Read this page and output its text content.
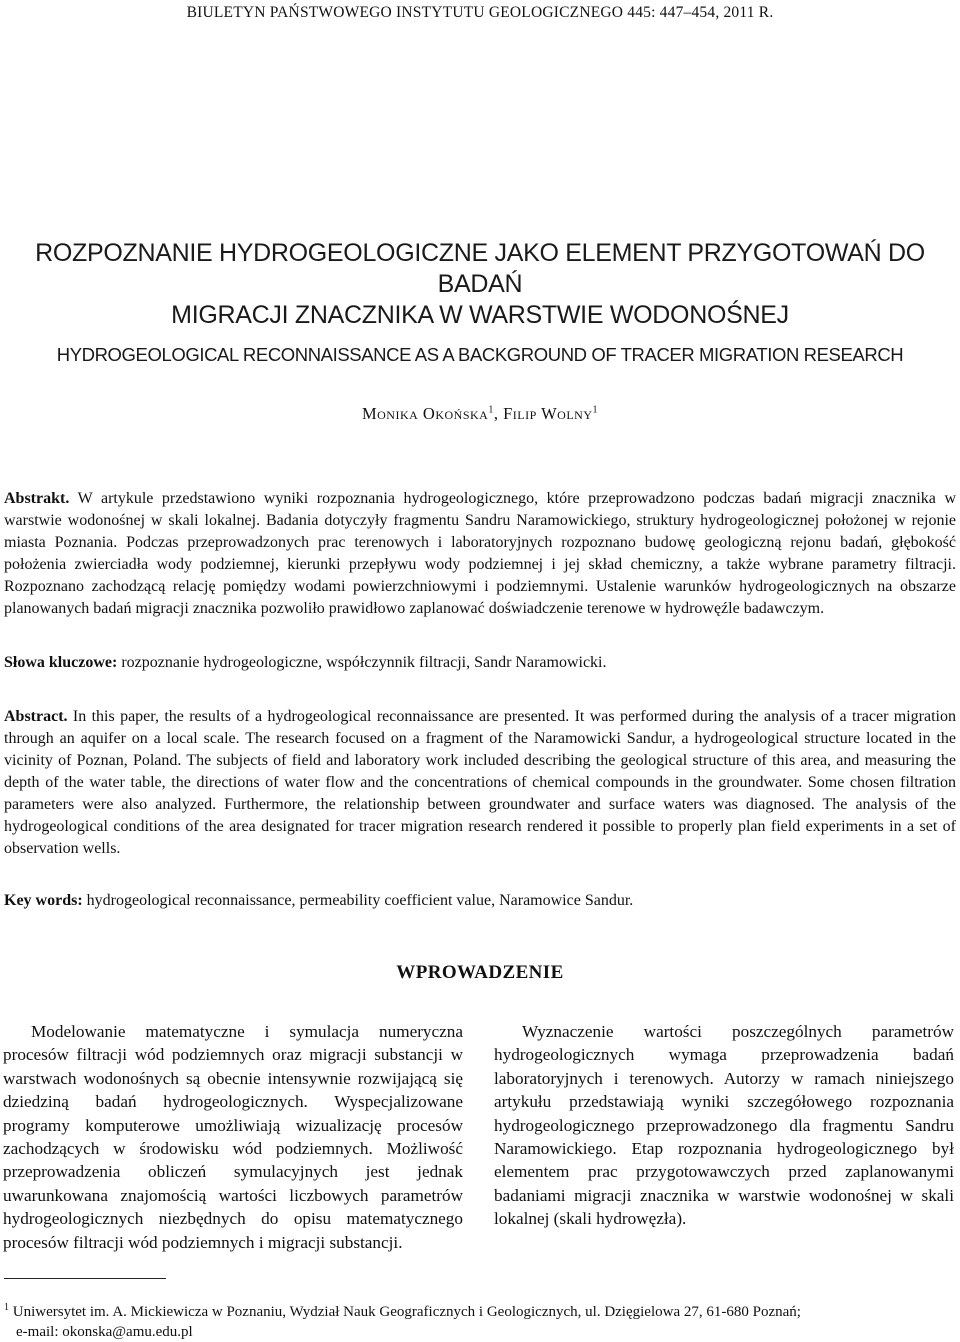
BIULETYN PAŃSTWOWEGO INSTYTUTU GEOLOGICZNEGO 445: 447–454, 2011 R.
ROZPOZNANIE HYDROGEOLOGICZNE JAKO ELEMENT PRZYGOTOWAŃ DO BADAŃ
MIGRACJI ZNACZNIKA W WARSTWIE WODONOŚNEJ
HYDROGEOLOGICAL RECONNAISSANCE AS A BACKGROUND OF TRACER MIGRATION RESEARCH
Monika Okońska$^1$, Filip Wolny$^1$
Abstrakt. W artykule przedstawiono wyniki rozpoznania hydrogeologicznego, które przeprowadzono podczas badań migracji znacznika w warstwie wodonośnej w skali lokalnej. Badania dotyczyły fragmentu Sandru Naramowickiego, struktury hydrogeologicznej położonej w rejonie miasta Poznania. Podczas przeprowadzonych prac terenowych i laboratoryjnych rozpoznano budowę geologiczną rejonu badań, głębokość położenia zwierciadła wody podziemnej, kierunki przepływu wody podziemnej i jej skład chemiczny, a także wybrane parametry filtracji. Rozpoznano zachodzącą relację pomiędzy wodami powierzchniowymi i podziemnymi. Ustalenie warunków hydrogeologicznych na obszarze planowanych badań migracji znacznika pozwoliło prawidłowo zaplanować doświadczenie terenowe w hydrowęźle badawczym.
Słowa kluczowe: rozpoznanie hydrogeologiczne, współczynnik filtracji, Sandr Naramowicki.
Abstract. In this paper, the results of a hydrogeological reconnaissance are presented. It was performed during the analysis of a tracer migration through an aquifer on a local scale. The research focused on a fragment of the Naramowicki Sandur, a hydrogeological structure located in the vicinity of Poznan, Poland. The subjects of field and laboratory work included describing the geological structure of this area, and measuring the depth of the water table, the directions of water flow and the concentrations of chemical compounds in the groundwater. Some chosen filtration parameters were also analyzed. Furthermore, the relationship between groundwater and surface waters was diagnosed. The analysis of the hydrogeological conditions of the area designated for tracer migration research rendered it possible to properly plan field experiments in a set of observation wells.
Key words: hydrogeological reconnaissance, permeability coefficient value, Naramowice Sandur.
WPROWADZENIE

Modelowanie matematyczne i symulacja numeryczna procesów filtracji wód podziemnych oraz migracji substancji w warstwach wodonośnych są obecnie intensywnie rozwijającą się dziedziną badań hydrogeologicznych. Wyspecjalizowane programy komputerowe umożliwiają wizualizację procesów zachodzących w środowisku wód podziemnych. Możliwość przeprowadzenia obliczeń symulacyjnych jest jednak uwarunkowana znajomością wartości liczbowych parametrów hydrogeologicznych niezbędnych do opisu matematycznego procesów filtracji wód podziemnych i migracji substancji.

Wyznaczenie wartości poszczególnych parametrów hydrogeologicznych wymaga przeprowadzenia badań laboratoryjnych i terenowych. Autorzy w ramach niniejszego artykułu przedstawiają wyniki szczegółowego rozpoznania hydrogeologicznego przeprowadzonego dla fragmentu Sandru Naramowickiego. Etap rozpoznania hydrogeologicznego był elementem prac przygotowawczych przed zaplanowanymi badaniami migracji znacznika w warstwie wodonośnej w skali lokalnej (skali hydrowęzła).

$^1$ Uniwersytet im. A. Mickiewicza w Poznaniu, Wydział Nauk Geograficznych i Geologicznych, ul. Dzięgielowa 27, 61-680 Poznań;
e-mail: okonska@amu.edu.pl
